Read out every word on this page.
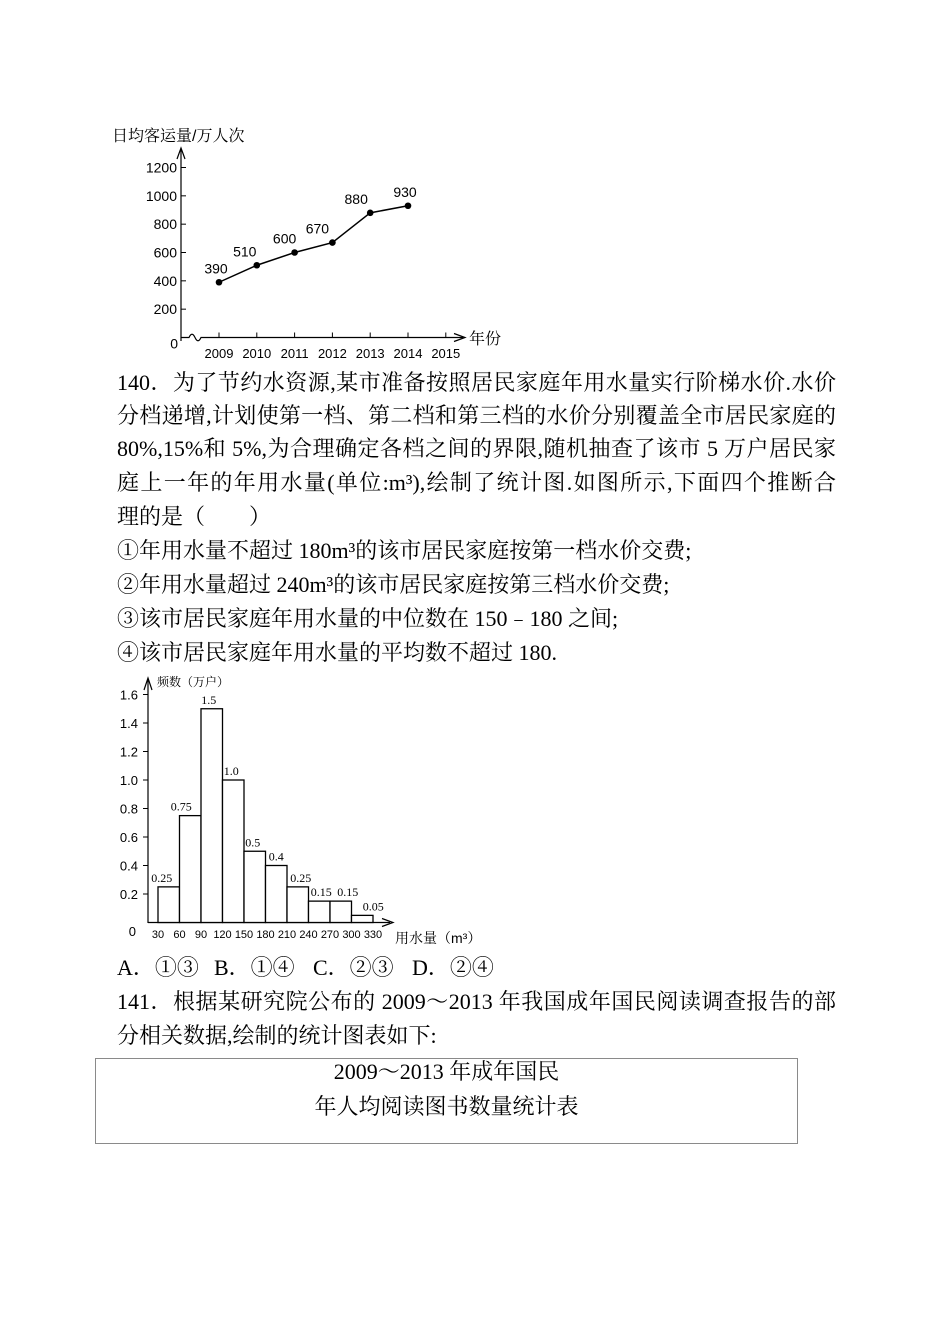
日均客运量/万人次
年份
0
200
400
600
800
1000
1200
2009 2010 2011 2012 2013 2014 2015
390
510
600
670
880 930
140．为了节约水资源,某市准备按照居民家庭年用水量实行阶梯水价.水价
分档递增,计划使第一档、第二档和第三档的水价分别覆盖全市居民家庭的
80%,15%和 5%,为合理确定各档之间的界限,随机抽查了该市 5 万户居民家
庭上一年的年用水量(单位:m³),绘制了统计图.如图所示,下面四个推断合
理的是（　　）
①年用水量不超过 180m³的该市居民家庭按第一档水价交费;
②年用水量超过 240m³的该市居民家庭按第三档水价交费;
③该市居民家庭年用水量的中位数在 150﹣180 之间;
④该市居民家庭年用水量的平均数不超过 180.
频数（万户）
用水量（m³）
0
0.2
0.4
0.6
0.8
1.0
1.2
1.4
1.6
0.25
0.75
1.5
1.0
0.5
0.4
0.25
0.15 0.15
0.05
30 60 90 120 150 180 210 240 270 300 330
A．①③ B．①④ C．②③ D．②④
141．根据某研究院公布的 2009～2013 年我国成年国民阅读调查报告的部
分相关数据,绘制的统计图表如下:
2009～2013 年成年国民
年人均阅读图书数量统计表
